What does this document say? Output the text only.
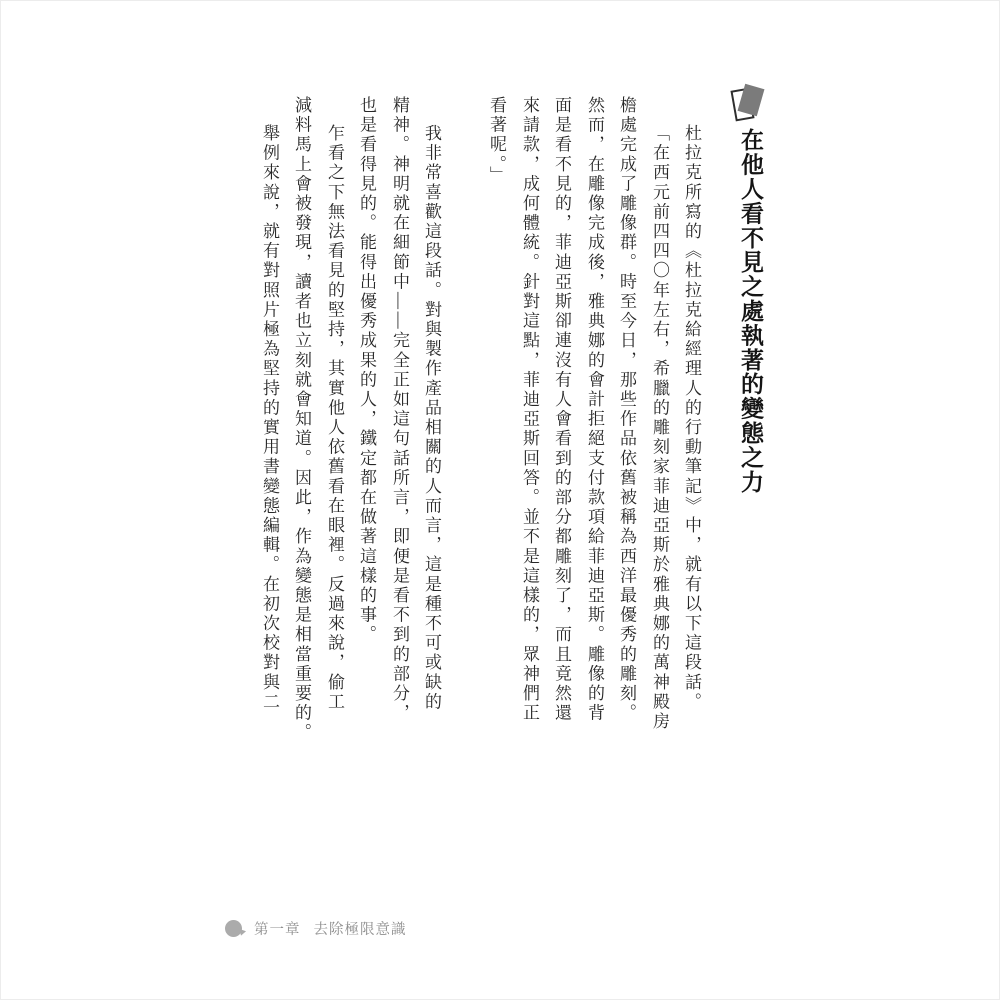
在他人看不見之處執著的變態之力
杜拉克所寫的《杜拉克給經理人的行動筆記》中，就有以下這段話。
「在西元前四四〇年左右，希臘的雕刻家菲迪亞斯於雅典娜的萬神殿房
檐處完成了雕像群。時至今日，那些作品依舊被稱為西洋最優秀的雕刻。
然而，在雕像完成後，雅典娜的會計拒絕支付款項給菲迪亞斯。雕像的背
面是看不見的，菲迪亞斯卻連沒有人會看到的部分都雕刻了，而且竟然還
來請款，成何體統。針對這點，菲迪亞斯回答。並不是這樣的，眾神們正
看著呢。」
我非常喜歡這段話。對與製作產品相關的人而言，這是種不可或缺的
精神。神明就在細節中——完全正如這句話所言，即便是看不到的部分，
也是看得見的。能得出優秀成果的人，鐵定都在做著這樣的事。
乍看之下無法看見的堅持，其實他人依舊看在眼裡。反過來說，偷工
減料馬上會被發現，讀者也立刻就會知道。因此，作為變態是相當重要的。
舉例來說，就有對照片極為堅持的實用書變態編輯。在初次校對與二
第一章 去除極限意識
